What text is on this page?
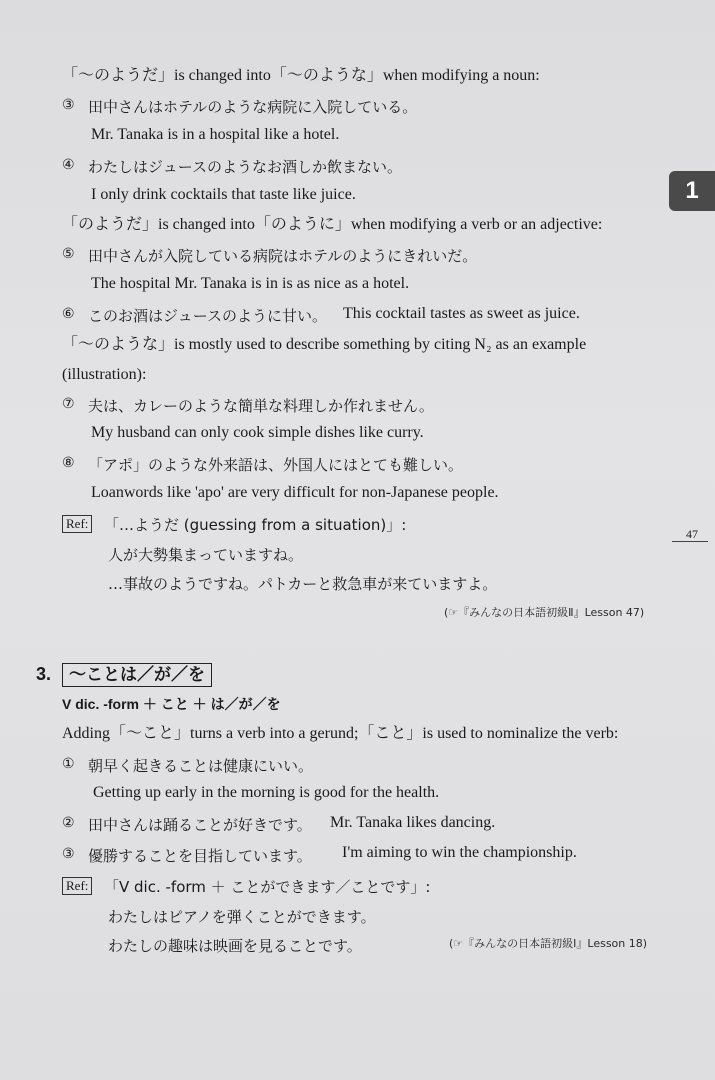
1
「～のようだ」is changed into「～のような」when modifying a noun:
③ 田中さんはホテルのような病院に入院している。
Mr. Tanaka is in a hospital like a hotel.
④ わたしはジュースのようなお酒しか飲まない。
I only drink cocktails that taste like juice.
「のようだ」is changed into「のように」when modifying a verb or an adjective:
⑤ 田中さんが入院している病院はホテルのようにきれいだ。
The hospital Mr. Tanaka is in is as nice as a hotel.
⑥ このお酒はジュースのように甘い。 This cocktail tastes as sweet as juice.
「～のような」is mostly used to describe something by citing N₂ as an example
(illustration):
⑦ 夫は、カレーのような簡単な料理しか作れません。
My husband can only cook simple dishes like curry.
⑧ 「アポ」のような外来語は、外国人にはとても難しい。
Loanwords like 'apo' are very difficult for non-Japanese people.
Ref: 「…ようだ (guessing from a situation)」:
人が大勢集まっていますね。
…事故のようですね。パトカーと救急車が来ていますよ。
(☞『みんなの日本語初級Ⅱ』Lesson 47)
47
3.	～ことは／が／を
V dic. -form ＋ こと ＋ は／が／を
Adding「～こと」turns a verb into a gerund;「こと」is used to nominalize the verb:
① 朝早く起きることは健康にいい。
Getting up early in the morning is good for the health.
② 田中さんは踊ることが好きです。 Mr. Tanaka likes dancing.
③ 優勝することを目指しています。 I'm aiming to win the championship.
Ref: 「V dic. -form ＋ ことができます／ことです」:
わたしはピアノを弾くことができます。
わたしの趣味は映画を見ることです。	(☞『みんなの日本語初級Ⅰ』Lesson 18)
